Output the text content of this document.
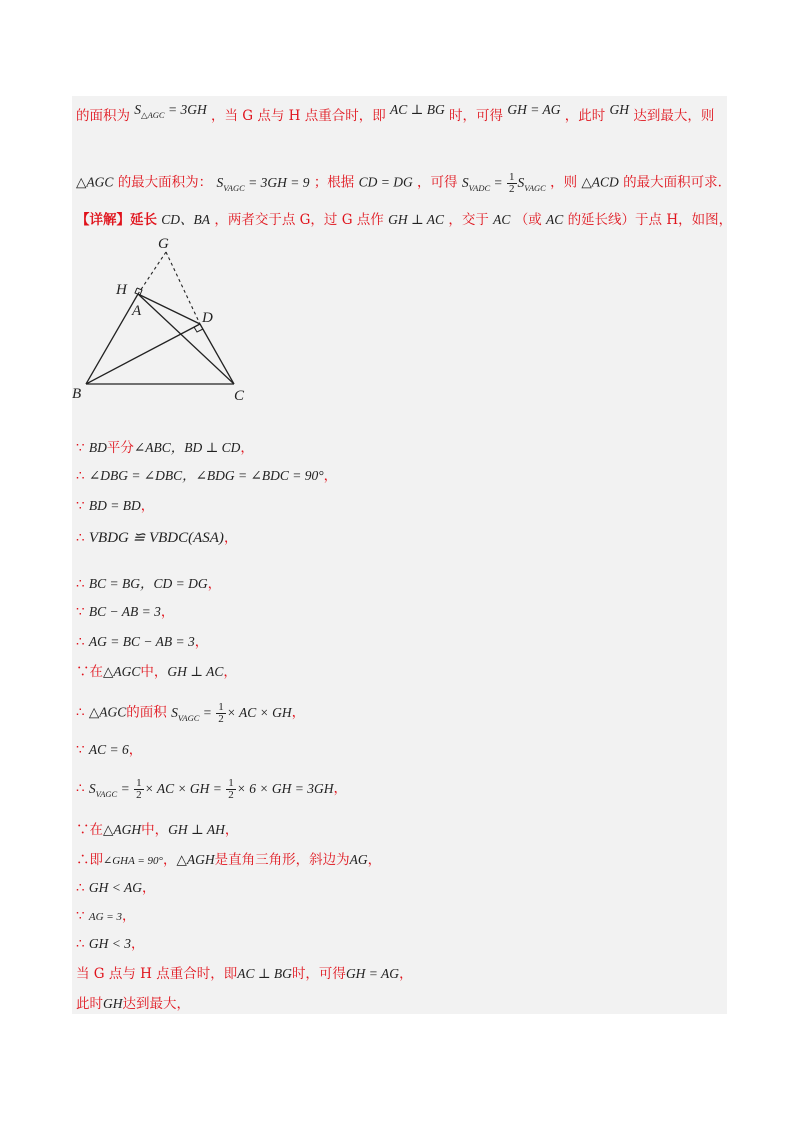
的面积为 $S_{\triangle AGC} = 3GH$ ，当 G 点与 H 点重合时，即 AC ⊥ BG 时，可得 GH = AG ，此时 GH 达到最大，则
△AGC 的最大面积为： $S_{VAGC} = 3GH = 9$ ；根据 CD = DG ，可得 $S_{VADC} = \frac{1}{2} S_{VAGC}$ ，则 △ACD 的最大面积可求.
【详解】延长 CD、BA ，两者交于点 G，过 G 点作 GH ⊥ AC ，交于 AC （或 AC 的延长线）于点 H，如图，
G
H
A	D
B	C
∵ BD平分∠ABC，BD ⊥ CD，
∴ ∠DBG = ∠DBC，∠BDG = ∠BDC = 90°，
∵ BD = BD，
∴ VBDG ≌ VBDC(ASA)，
∴ BC = BG，CD = DG，
∵ BC − AB = 3，
∴ AG = BC − AB = 3，
∵在△AGC中，GH ⊥ AC，
∴ △AGC的面积 $S_{VAGC} = \frac{1}{2}$ × AC × GH，
∵ AC = 6，
∴ $S_{VAGC} = \frac{1}{2}$ × AC × GH = $\frac{1}{2} \times 6$ × GH = 3GH，
∵在△AGH中，GH ⊥ AH，
∴即∠GHA = 90°，△AGH是直角三角形，斜边为AG，
∴ GH < AG，
∵ AG = 3，
∴ GH < 3，
当 G 点与 H 点重合时，即AC ⊥ BG时，可得GH = AG，
此时GH达到最大，
